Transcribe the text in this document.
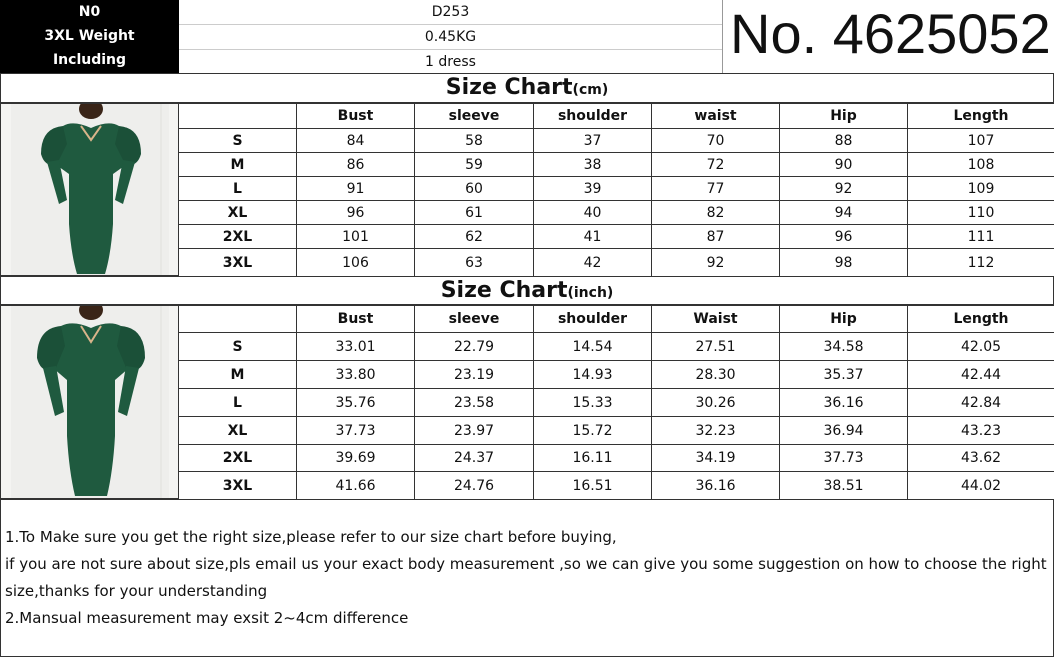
N0
3XL Weight
Including
D253
0.45KG
1 dress	No. 4625052
Size Chart(cm)
	Bust	sleeve	shoulder	waist	Hip	Length
S	84	58	37	70	88	107
M	86	59	38	72	90	108
L	91	60	39	77	92	109
XL	96	61	40	82	94	110
2XL	101	62	41	87	96	111
3XL	106	63	42	92	98	112
Size Chart(inch)
	Bust	sleeve	shoulder	Waist	Hip	Length
S	33.01	22.79	14.54	27.51	34.58	42.05
M	33.80	23.19	14.93	28.30	35.37	42.44
L	35.76	23.58	15.33	30.26	36.16	42.84
XL	37.73	23.97	15.72	32.23	36.94	43.23
2XL	39.69	24.37	16.11	34.19	37.73	43.62
3XL	41.66	24.76	16.51	36.16	38.51	44.02

1.To Make sure you get the right size,please refer to our size chart before buying,

if you are not sure about size,pls email us your exact body measurement ,so we can give you some suggestion on how to choose the right size,thanks for your understanding

2.Mansual measurement may exsit 2~4cm difference
